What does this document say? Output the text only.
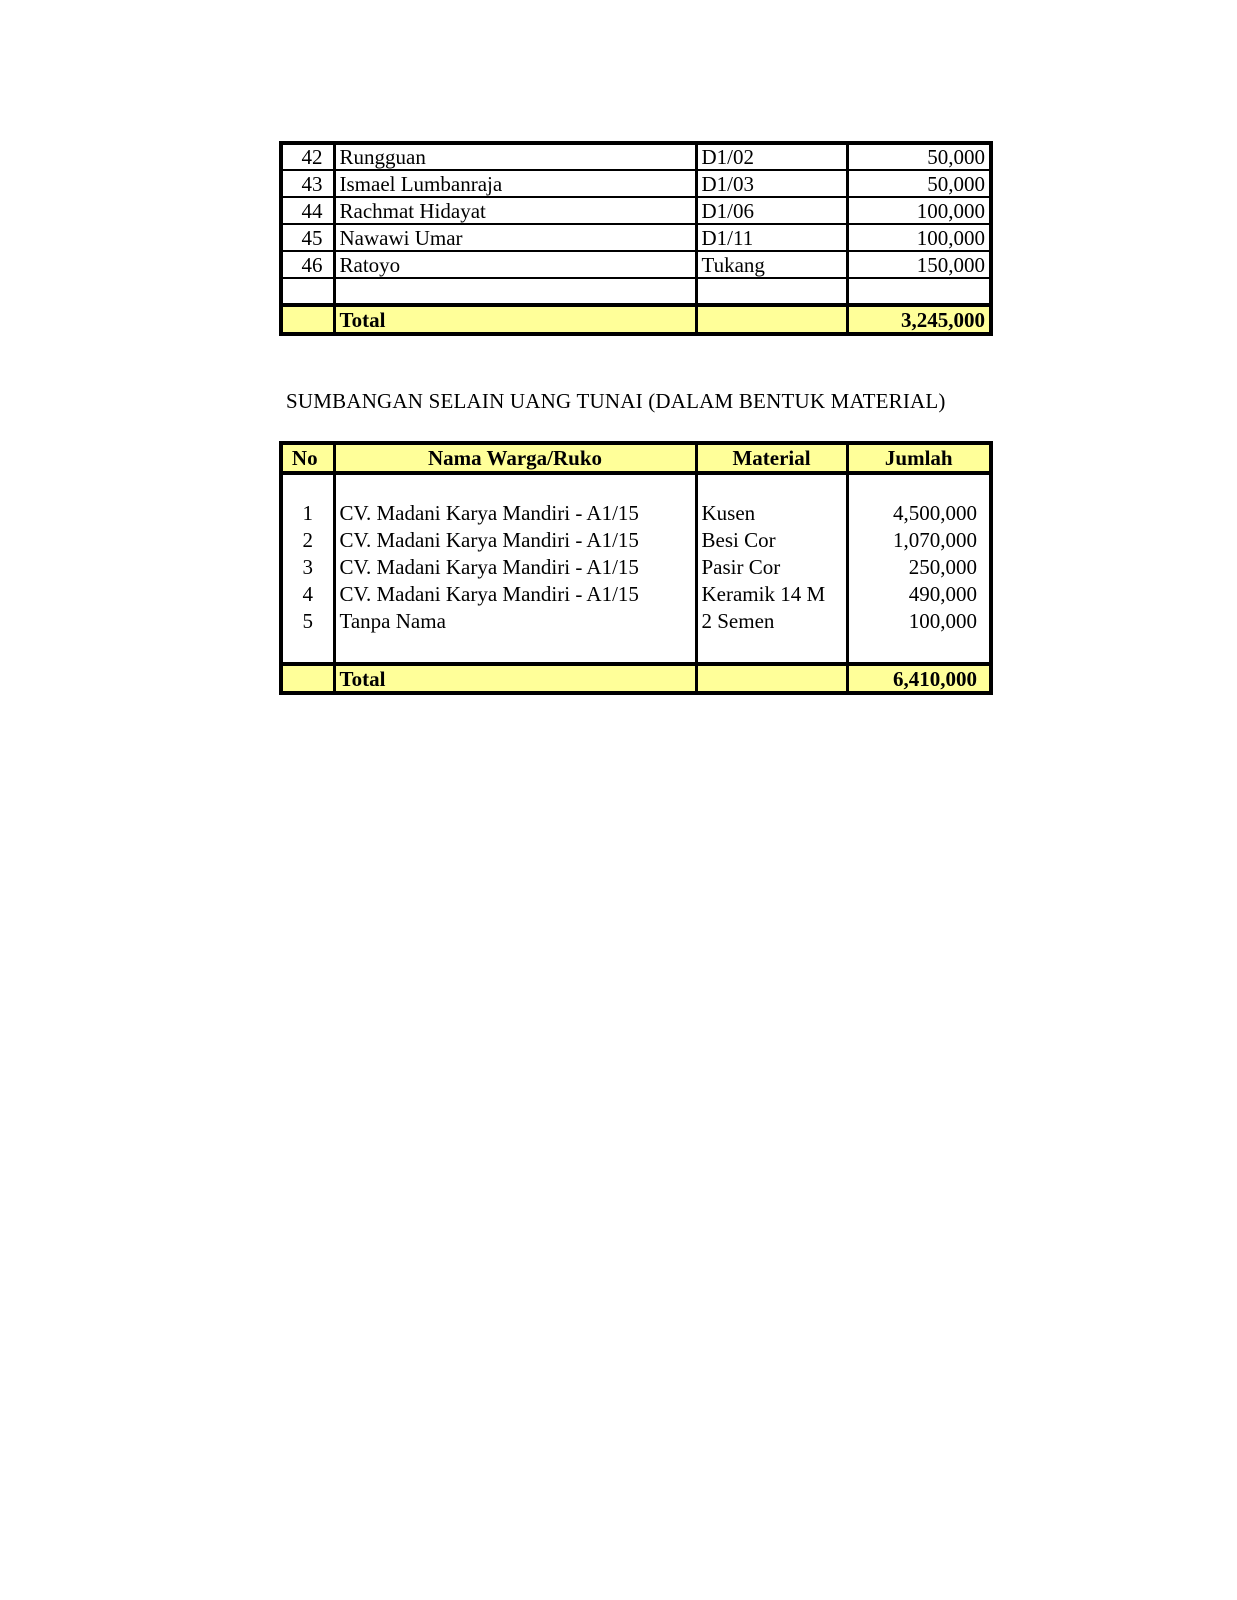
42	Rungguan	D1/02	50,000
43	Ismael Lumbanraja	D1/03	50,000
44	Rachmat Hidayat	D1/06	100,000
45	Nawawi Umar	D1/11	100,000
46	Ratoyo	Tukang	150,000

	Total		3,245,000
SUMBANGAN SELAIN UANG TUNAI (DALAM BENTUK MATERIAL)
No	Nama Warga/Ruko	Material	Jumlah

1	CV. Madani Karya Mandiri - A1/15	Kusen	4,500,000
2	CV. Madani Karya Mandiri - A1/15	Besi Cor	1,070,000
3	CV. Madani Karya Mandiri - A1/15	Pasir Cor	250,000
4	CV. Madani Karya Mandiri - A1/15	Keramik 14 M	490,000
5	Tanpa Nama	2 Semen	100,000

	Total		6,410,000
